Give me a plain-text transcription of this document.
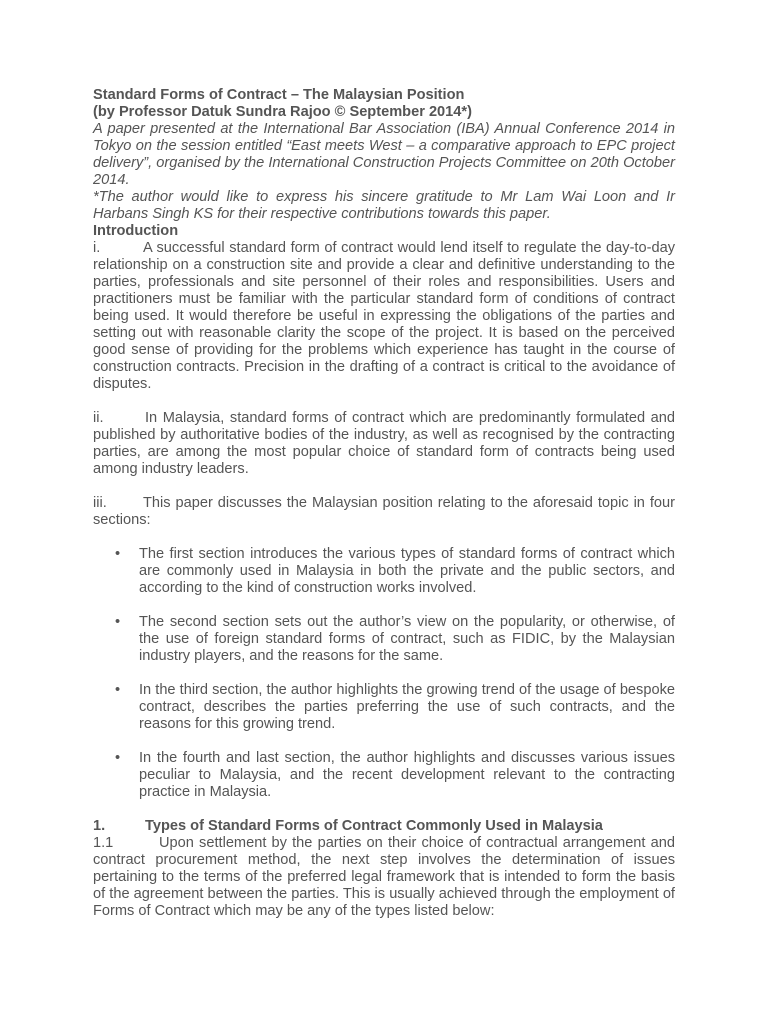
Standard Forms of Contract – The Malaysian Position

(by Professor Datuk Sundra Rajoo © September 2014*)

A paper presented at the International Bar Association (IBA) Annual Conference 2014 in Tokyo on the session entitled “East meets West – a comparative approach to EPC project delivery”, organised by the International Construction Projects Committee on 20th October 2014.

*The author would like to express his sincere gratitude to Mr Lam Wai Loon and Ir Harbans Singh KS for their respective contributions towards this paper.

Introduction

i.	A successful standard form of contract would lend itself to regulate the day-to-day relationship on a construction site and provide a clear and definitive understanding to the parties, professionals and site personnel of their roles and responsibilities. Users and practitioners must be familiar with the particular standard form of conditions of contract being used. It would therefore be useful in expressing the obligations of the parties and setting out with reasonable clarity the scope of the project. It is based on the perceived good sense of providing for the problems which experience has taught in the course of construction contracts. Precision in the drafting of a contract is critical to the avoidance of disputes.

ii.	In Malaysia, standard forms of contract which are predominantly formulated and published by authoritative bodies of the industry, as well as recognised by the contracting parties, are among the most popular choice of standard form of contracts being used among industry leaders.

iii. This paper discusses the Malaysian position relating to the aforesaid topic in four sections:

• The first section introduces the various types of standard forms of contract which are commonly used in Malaysia in both the private and the public sectors, and according to the kind of construction works involved.
• The second section sets out the author’s view on the popularity, or otherwise, of the use of foreign standard forms of contract, such as FIDIC, by the Malaysian industry players, and the reasons for the same.
• In the third section, the author highlights the growing trend of the usage of bespoke contract, describes the parties preferring the use of such contracts, and the reasons for this growing trend.
• In the fourth and last section, the author highlights and discusses various issues peculiar to Malaysia, and the recent development relevant to the contracting practice in Malaysia.

1.	Types of Standard Forms of Contract Commonly Used in Malaysia

1.1	Upon settlement by the parties on their choice of contractual arrangement and contract procurement method, the next step involves the determination of issues pertaining to the terms of the preferred legal framework that is intended to form the basis of the agreement between the parties. This is usually achieved through the employment of Forms of Contract which may be any of the types listed below:
